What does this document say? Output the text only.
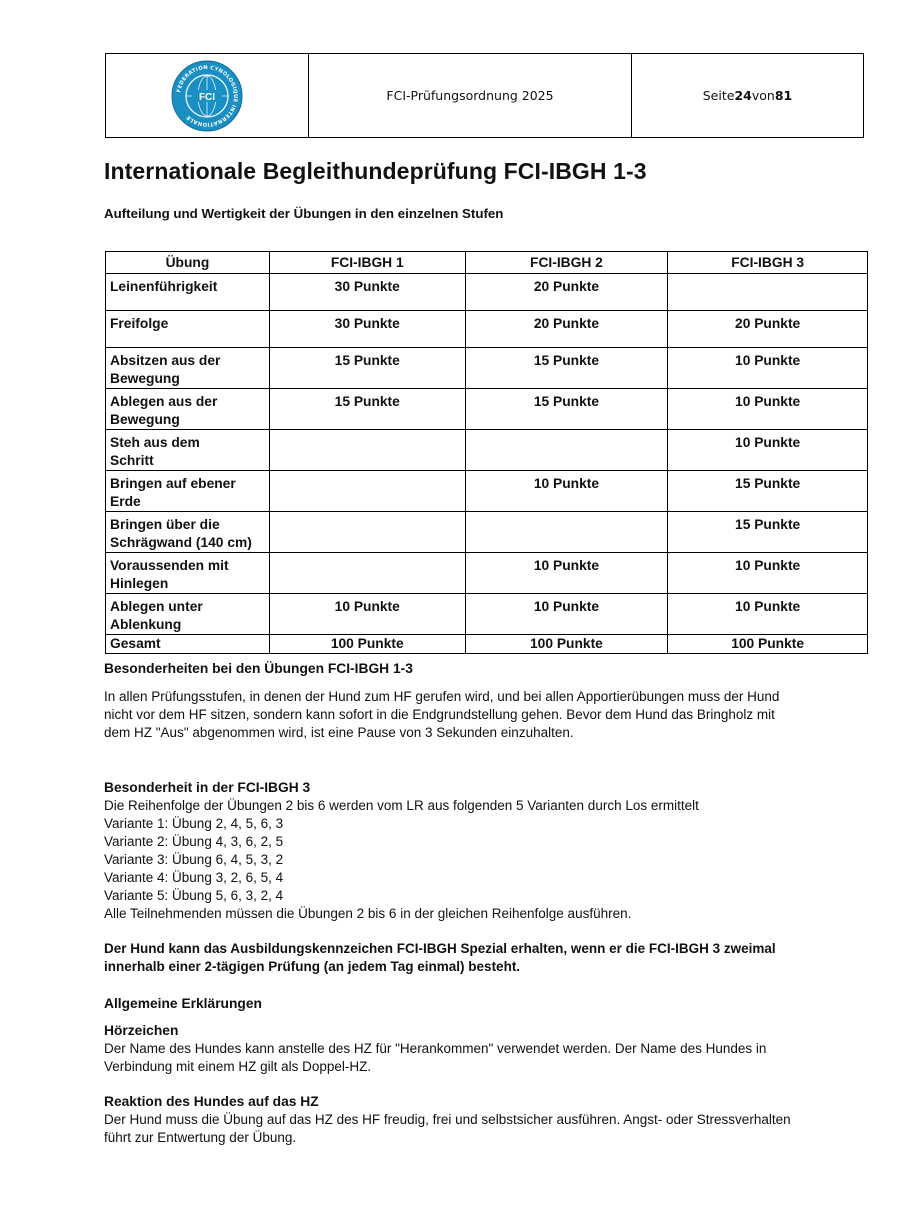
FEDERATION CYNOLOGIQUE INTERNATIONALE
FCI	FCI-Prüfungsordnung 2025	Seite 24 von 81
Internationale Begleithundeprüfung FCI-IBGH 1-3

Aufteilung und Wertigkeit der Übungen in den einzelnen Stufen

Übung	FCI-IBGH 1	FCI-IBGH 2	FCI-IBGH 3
Leinenführigkeit	30 Punkte	20 Punkte	
Freifolge	30 Punkte	20 Punkte	20 Punkte
Absitzen aus der Bewegung	15 Punkte	15 Punkte	10 Punkte
Ablegen aus der Bewegung	15 Punkte	15 Punkte	10 Punkte
Steh aus dem Schritt			10 Punkte
Bringen auf ebener Erde		10 Punkte	15 Punkte
Bringen über die Schrägwand (140 cm)			15 Punkte
Voraussenden mit Hinlegen		10 Punkte	10 Punkte
Ablegen unter Ablenkung	10 Punkte	10 Punkte	10 Punkte
Gesamt	100 Punkte	100 Punkte	100 Punkte
Besonderheiten bei den Übungen FCI-IBGH 1-3
In allen Prüfungsstufen, in denen der Hund zum HF gerufen wird, und bei allen Apportierübungen muss der Hund nicht vor dem HF sitzen, sondern kann sofort in die Endgrundstellung gehen. Bevor dem Hund das Bringholz mit dem HZ "Aus" abgenommen wird, ist eine Pause von 3 Sekunden einzuhalten.
Besonderheit in der FCI-IBGH 3
Die Reihenfolge der Übungen 2 bis 6 werden vom LR aus folgenden 5 Varianten durch Los ermittelt
Variante 1: Übung 2, 4, 5, 6, 3
Variante 2: Übung 4, 3, 6, 2, 5
Variante 3: Übung 6, 4, 5, 3, 2
Variante 4: Übung 3, 2, 6, 5, 4
Variante 5: Übung 5, 6, 3, 2, 4
Alle Teilnehmenden müssen die Übungen 2 bis 6 in der gleichen Reihenfolge ausführen.
Der Hund kann das Ausbildungskennzeichen FCI-IBGH Spezial erhalten, wenn er die FCI-IBGH 3 zweimal innerhalb einer 2-tägigen Prüfung (an jedem Tag einmal) besteht.
Allgemeine Erklärungen
Hörzeichen
Der Name des Hundes kann anstelle des HZ für "Herankommen" verwendet werden. Der Name des Hundes in Verbindung mit einem HZ gilt als Doppel-HZ.
Reaktion des Hundes auf das HZ
Der Hund muss die Übung auf das HZ des HF freudig, frei und selbstsicher ausführen. Angst- oder Stressverhalten führt zur Entwertung der Übung.
